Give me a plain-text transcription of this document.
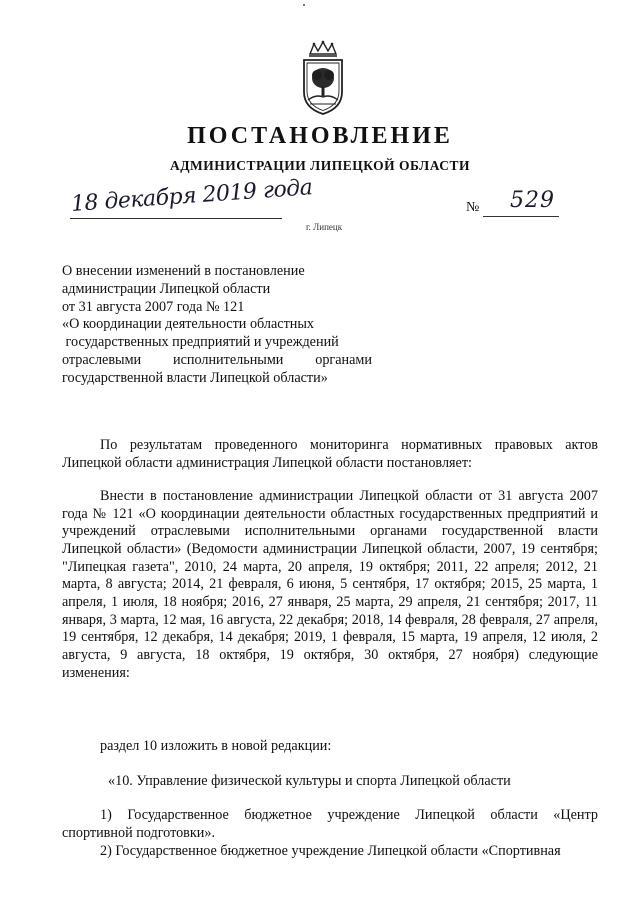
ПОСТАНОВЛЕНИЕ
АДМИНИСТРАЦИИ ЛИПЕЦКОЙ ОБЛАСТИ
18 декабря 2019 года
г. Липецк
№ 529
О внесении изменений в постановление
администрации Липецкой области
от 31 августа 2007 года № 121
«О координации деятельности областных
государственных предприятий и учреждений
отраслевыми исполнительными органами
государственной власти Липецкой области»

По результатам проведенного мониторинга нормативных правовых актов Липецкой области администрация Липецкой области постановляет:

Внести в постановление администрации Липецкой области от 31 августа 2007 года № 121 «О координации деятельности областных государственных предприятий и учреждений отраслевыми исполнительными органами государственной власти Липецкой области» (Ведомости администрации Липецкой области, 2007, 19 сентября; "Липецкая газета", 2010, 24 марта, 20 апреля, 19 октября; 2011, 22 апреля; 2012, 21 марта, 8 августа; 2014, 21 февраля, 6 июня, 5 сентября, 17 октября; 2015, 25 марта, 1 апреля, 1 июля, 18 ноября; 2016, 27 января, 25 марта, 29 апреля, 21 сентября; 2017, 11 января, 3 марта, 12 мая, 16 августа, 22 декабря; 2018, 14 февраля, 28 февраля, 27 апреля, 19 сентября, 12 декабря, 14 декабря; 2019, 1 февраля, 15 марта, 19 апреля, 12 июля, 2 августа, 9 августа, 18 октября, 19 октября, 30 октября, 27 ноября) следующие изменения:

раздел 10 изложить в новой редакции:

«10. Управление физической культуры и спорта Липецкой области

1) Государственное бюджетное учреждение Липецкой области «Центр спортивной подготовки».

2) Государственное бюджетное учреждение Липецкой области «Спортивная
